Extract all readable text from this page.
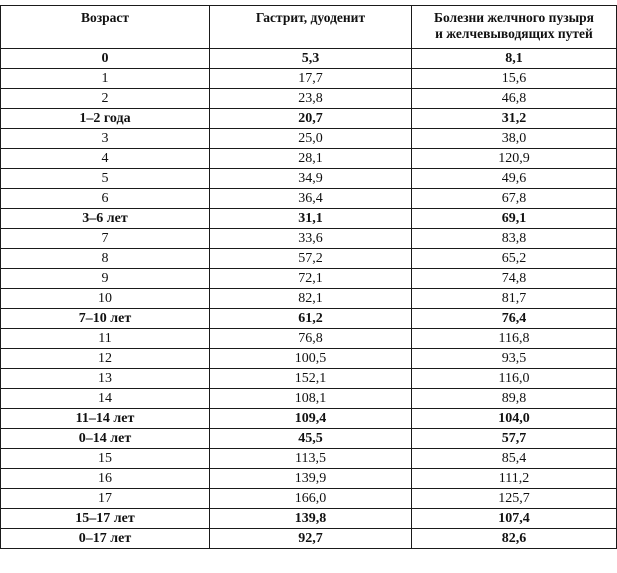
Возраст	Гастрит, дуоденит	Болезни желчного пузыря
и желчевыводящих путей
0	5,3	8,1
1	17,7	15,6
2	23,8	46,8
1–2 года	20,7	31,2
3	25,0	38,0
4	28,1	120,9
5	34,9	49,6
6	36,4	67,8
3–6 лет	31,1	69,1
7	33,6	83,8
8	57,2	65,2
9	72,1	74,8
10	82,1	81,7
7–10 лет	61,2	76,4
11	76,8	116,8
12	100,5	93,5
13	152,1	116,0
14	108,1	89,8
11–14 лет	109,4	104,0
0–14 лет	45,5	57,7
15	113,5	85,4
16	139,9	111,2
17	166,0	125,7
15–17 лет	139,8	107,4
0–17 лет	92,7	82,6
